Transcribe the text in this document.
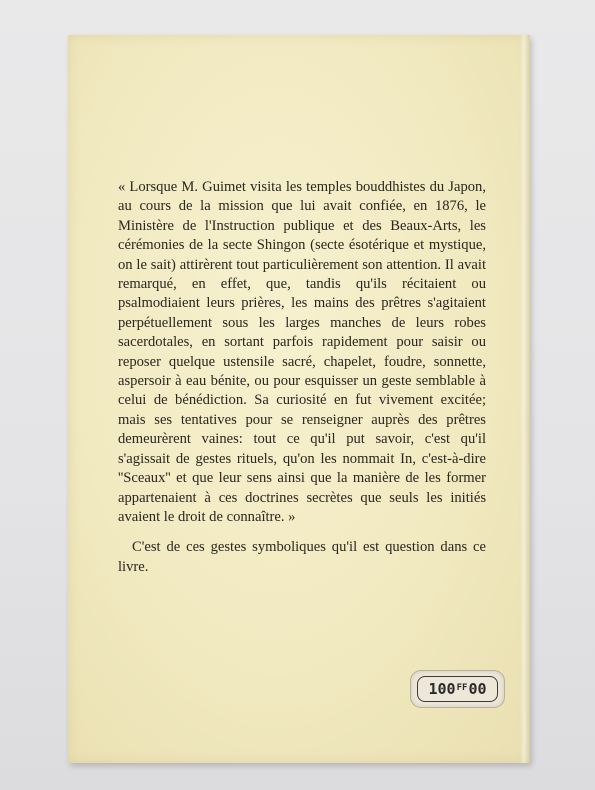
« Lorsque M. Guimet visita les temples bouddhistes du Japon, au cours de la mission que lui avait confiée, en 1876, le Ministère de l'Instruction publique et des Beaux-Arts, les cérémonies de la secte Shingon (secte ésotérique et mystique, on le sait) attirèrent tout particulièrement son attention. Il avait remarqué, en effet, que, tandis qu'ils récitaient ou psalmodiaient leurs prières, les mains des prêtres s'agitaient perpétuellement sous les larges manches de leurs robes sacerdotales, en sortant parfois rapidement pour saisir ou reposer quelque ustensile sacré, chapelet, foudre, sonnette, aspersoir à eau bénite, ou pour esquisser un geste semblable à celui de bénédiction. Sa curiosité en fut vivement excitée; mais ses tentatives pour se renseigner auprès des prêtres demeurèrent vaines: tout ce qu'il put savoir, c'est qu'il s'agissait de gestes rituels, qu'on les nommait In, c'est-à-dire ''Sceaux'' et que leur sens ainsi que la manière de les former appartenaient à ces doctrines secrètes que seuls les initiés avaient le droit de connaître. »

C'est de ces gestes symboliques qu'il est question dans ce livre.

100 FF 00
